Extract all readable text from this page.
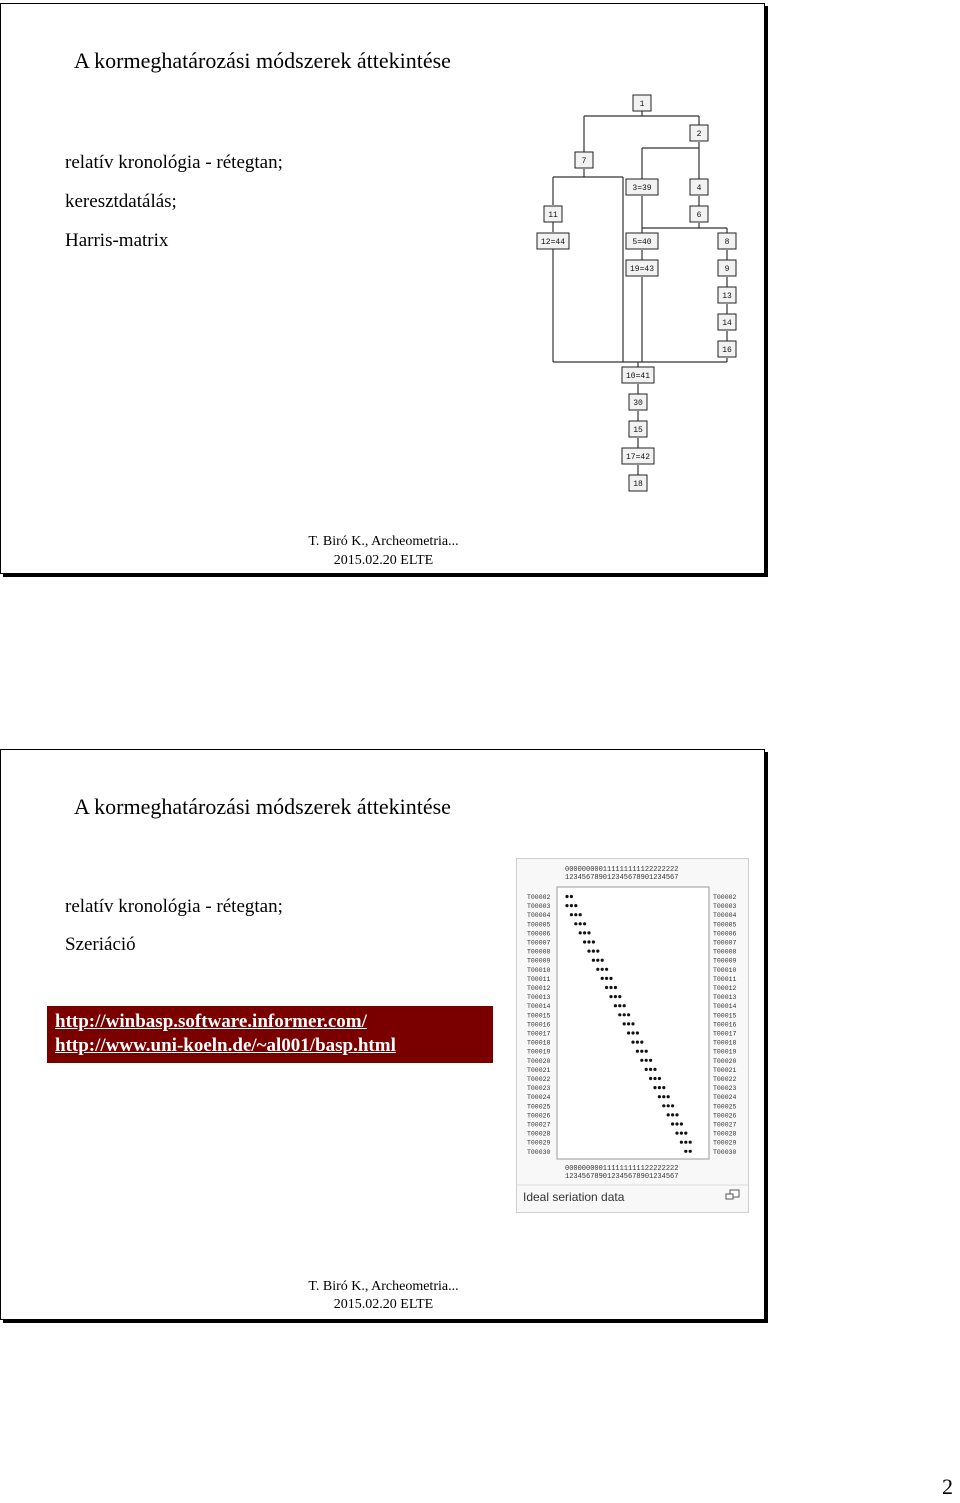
A kormeghatározási módszerek áttekintése
relatív kronológia - rétegtan;
keresztdatálás;
Harris-matrix
1
2
7
3=39	4
11	6
12=44	5=40	8
19=43	9
13
14
16
10=41
30
15
17=42
18
T. Biró K., Archeometria...
2015.02.20 ELTE
A kormeghatározási módszerek áttekintése
relatív kronológia - rétegtan;
Szeriáció
http://winbasp.software.informer.com/
http://www.uni-koeln.de/~al001/basp.html
000000000111111111122222222
123456789012345678901234567
T00002	T00002
T00003	T00003
T00004	T00004
T00005	T00005
T00006	T00006
T00007	T00007
T00008	T00008
T00009	T00009
T00010	T00010
T00011	T00011
T00012	T00012
T00013	T00013
T00014	T00014
T00015	T00015
T00016	T00016
T00017	T00017
T00018	T00018
T00019	T00019
T00020	T00020
T00021	T00021
T00022	T00022
T00023	T00023
T00024	T00024
T00025	T00025
T00026	T00026
T00027	T00027
T00028	T00028
T00029	T00029
T00030	T00030
000000000111111111122222222
123456789012345678901234567
Ideal seriation data
T. Biró K., Archeometria...
2015.02.20 ELTE
2
